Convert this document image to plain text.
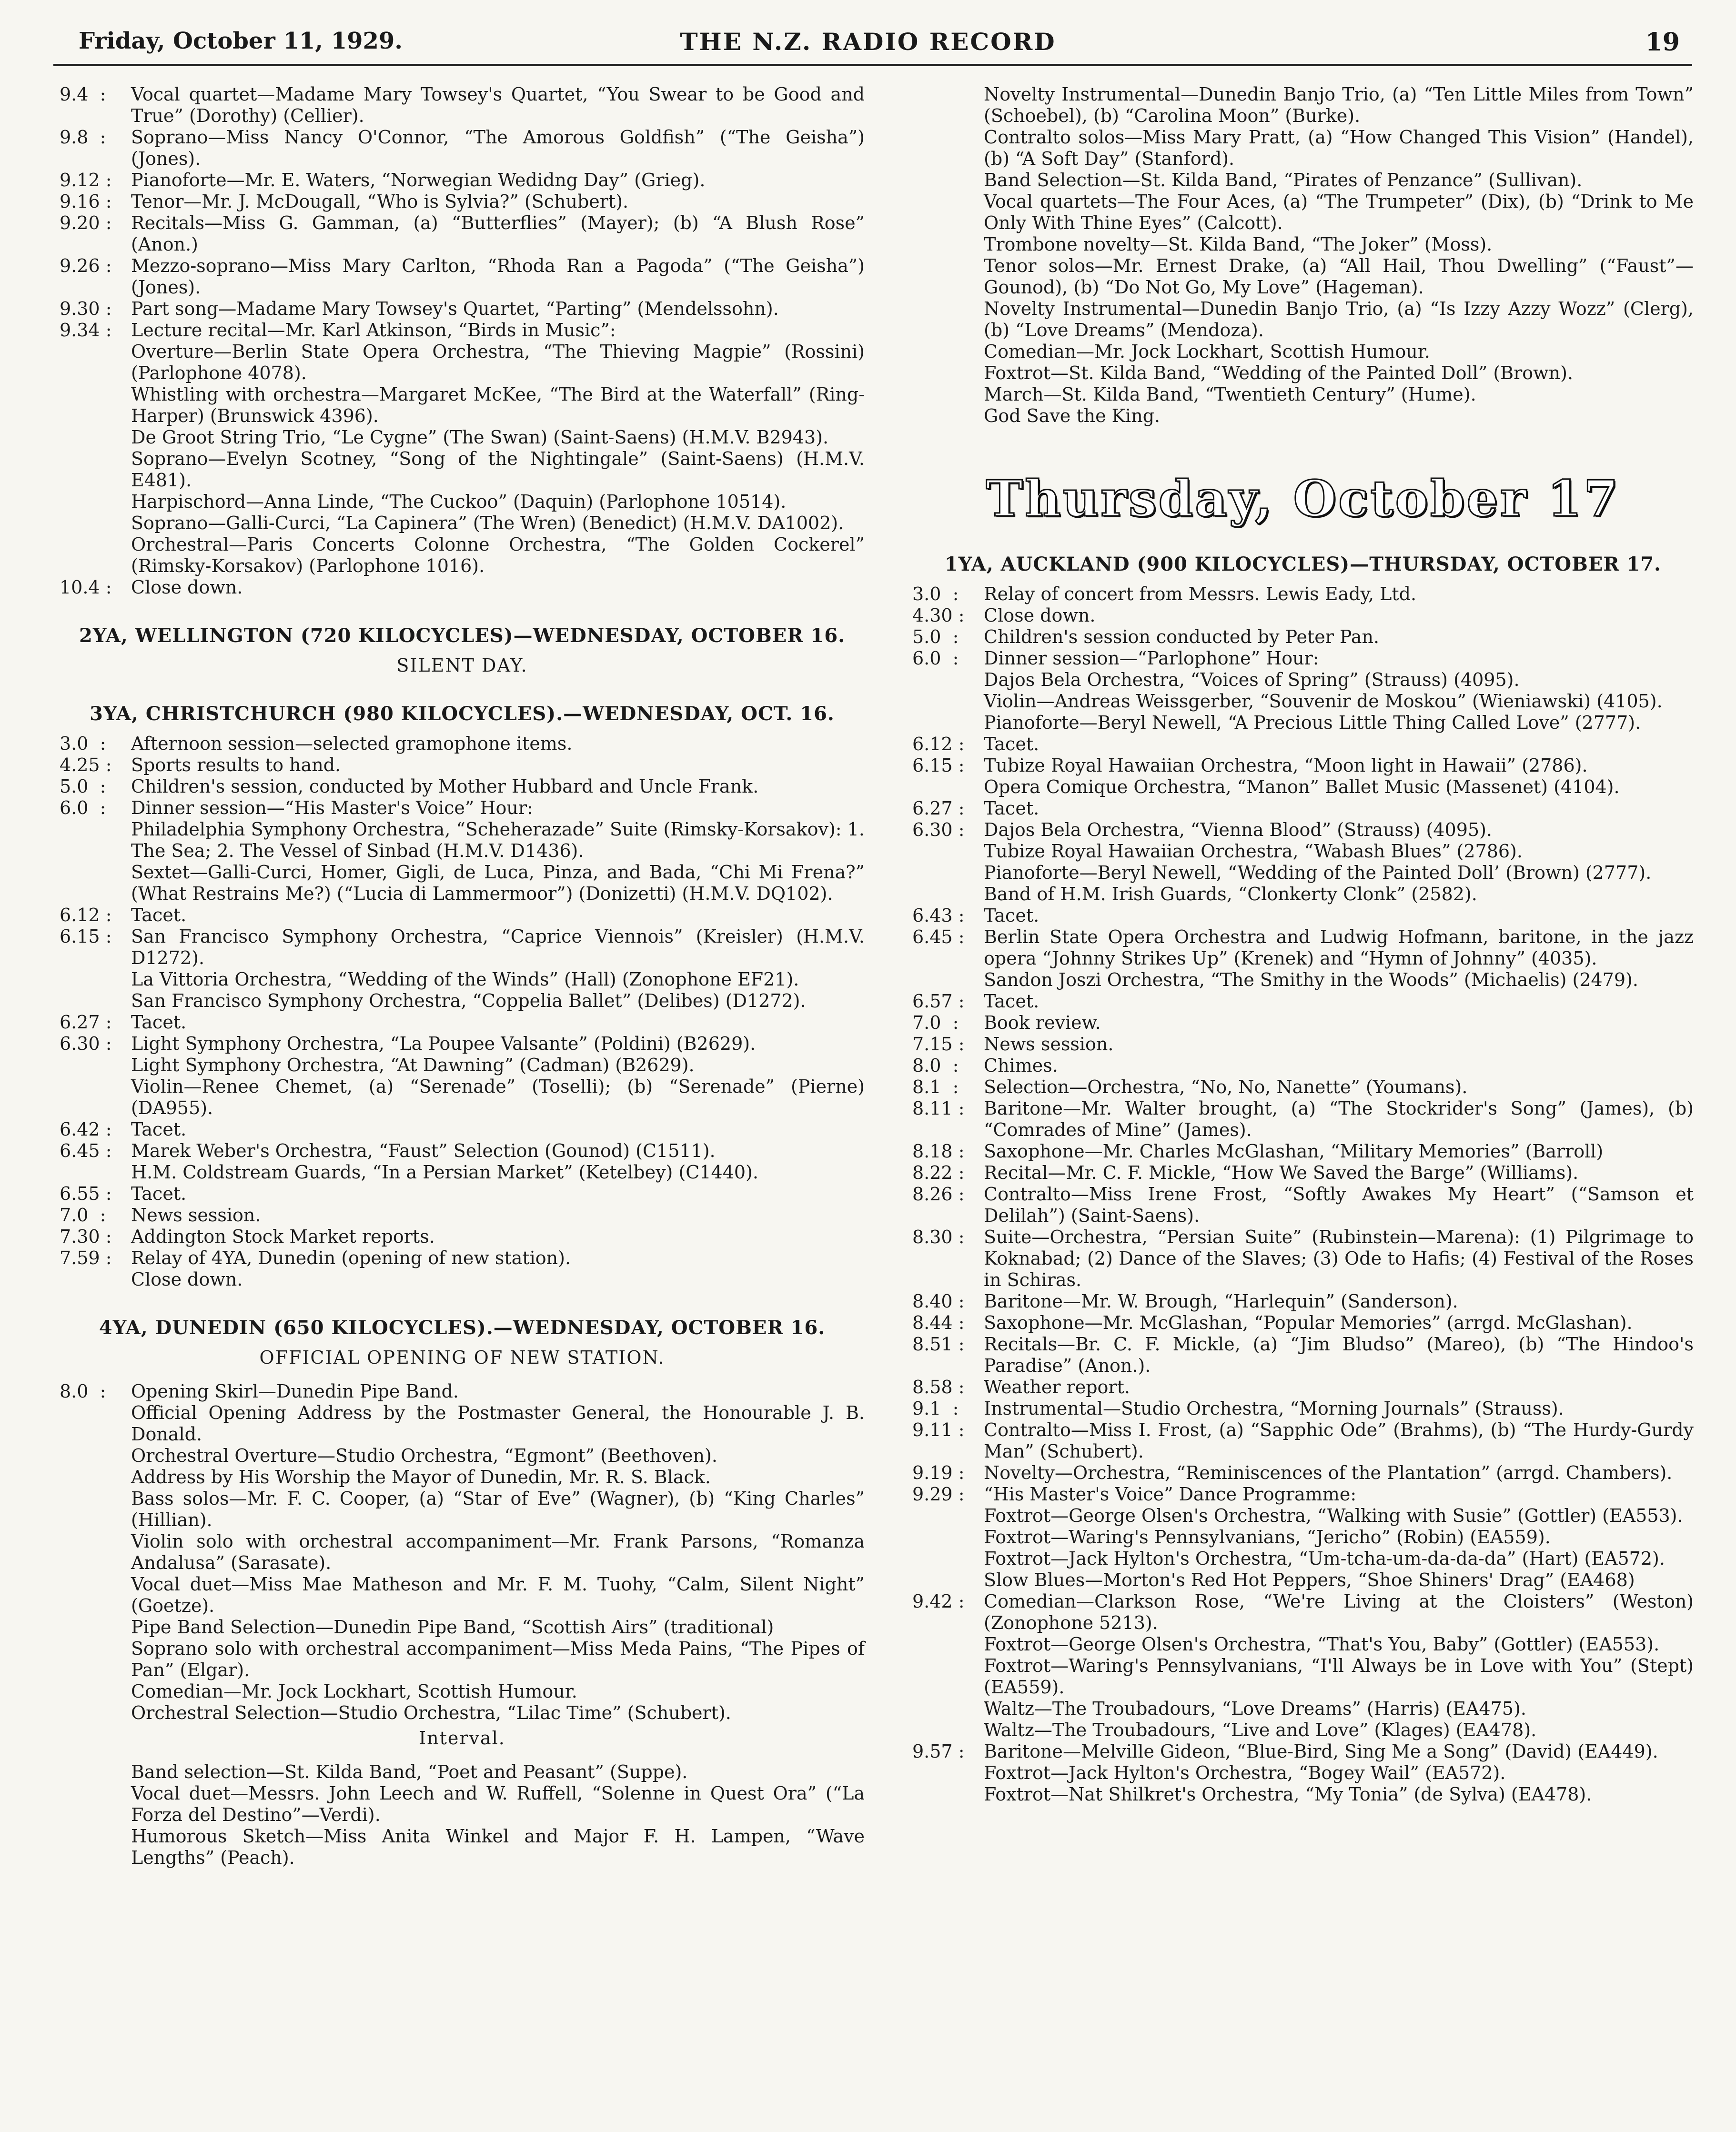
Friday, October 11, 1929.	THE N.Z. RADIO RECORD	19
9.4  :	Vocal quartet—Madame Mary Towsey's Quartet, “You Swear to be Good and True” (Dorothy) (Cellier).
9.8  :	Soprano—Miss Nancy O'Connor, “The Amorous Goldfish” (“The Geisha”) (Jones).
9.12 : Pianoforte—Mr. E. Waters, “Norwegian Wedidng Day” (Grieg).
9.16 : Tenor—Mr. J. McDougall, “Who is Sylvia?” (Schubert).
9.20 : Recitals—Miss G. Gamman, (a) “Butterflies” (Mayer); (b) “A Blush Rose” (Anon.)
9.26 : Mezzo-soprano—Miss Mary Carlton, “Rhoda Ran a Pagoda” (“The Geisha”) (Jones).
9.30 : Part song—Madame Mary Towsey's Quartet, “Parting” (Mendelssohn).
9.34 : Lecture recital—Mr. Karl Atkinson, “Birds in Music”:
Overture—Berlin State Opera Orchestra, “The Thieving Magpie” (Rossini) (Parlophone 4078).
Whistling with orchestra—Margaret McKee, “The Bird at the Waterfall” (Ring-Harper) (Brunswick 4396).
De Groot String Trio, “Le Cygne” (The Swan) (Saint-Saens) (H.M.V. B2943).
Soprano—Evelyn Scotney, “Song of the Nightingale” (Saint-Saens) (H.M.V. E481).
Harpischord—Anna Linde, “The Cuckoo” (Daquin) (Parlophone 10514).
Soprano—Galli-Curci, “La Capinera” (The Wren) (Benedict) (H.M.V. DA1002).
Orchestral—Paris Concerts Colonne Orchestra, “The Golden Cockerel” (Rimsky-Korsakov) (Parlophone 1016).
10.4 : Close down.
2YA, WELLINGTON (720 KILOCYCLES)—WEDNESDAY, OCTOBER 16.
SILENT DAY.
3YA, CHRISTCHURCH (980 KILOCYCLES).—WEDNESDAY, OCT. 16.
3.0  :	Afternoon session—selected gramophone items.
4.25 : Sports results to hand.
5.0  :	Children's session, conducted by Mother Hubbard and Uncle Frank.
6.0  :	Dinner session—“His Master's Voice” Hour:
Philadelphia Symphony Orchestra, “Scheherazade” Suite (Rimsky-Korsakov): 1. The Sea; 2. The Vessel of Sinbad (H.M.V. D1436).
Sextet—Galli-Curci, Homer, Gigli, de Luca, Pinza, and Bada, “Chi Mi Frena?” (What Restrains Me?) (“Lucia di Lammermoor”) (Donizetti) (H.M.V. DQ102).
6.12 : Tacet.
6.15 : San Francisco Symphony Orchestra, “Caprice Viennois” (Kreisler) (H.M.V. D1272).
La Vittoria Orchestra, “Wedding of the Winds” (Hall) (Zonophone EF21).
San Francisco Symphony Orchestra, “Coppelia Ballet” (Delibes) (D1272).
6.27 : Tacet.
6.30 : Light Symphony Orchestra, “La Poupee Valsante” (Poldini) (B2629).
Light Symphony Orchestra, “At Dawning” (Cadman) (B2629).
Violin—Renee Chemet, (a) “Serenade” (Toselli); (b) “Serenade” (Pierne) (DA955).
6.42 : Tacet.
6.45 : Marek Weber's Orchestra, “Faust” Selection (Gounod) (C1511).
H.M. Coldstream Guards, “In a Persian Market” (Ketelbey) (C1440).
6.55 : Tacet.
7.0  :	News session.
7.30 : Addington Stock Market reports.
7.59 : Relay of 4YA, Dunedin (opening of new station).
Close down.
4YA, DUNEDIN (650 KILOCYCLES).—WEDNESDAY, OCTOBER 16.
OFFICIAL OPENING OF NEW STATION.
8.0  :	Opening Skirl—Dunedin Pipe Band.
Official Opening Address by the Postmaster General, the Honourable J. B. Donald.
Orchestral Overture—Studio Orchestra, “Egmont” (Beethoven).
Address by His Worship the Mayor of Dunedin, Mr. R. S. Black.
Bass solos—Mr. F. C. Cooper, (a) “Star of Eve” (Wagner), (b) “King Charles” (Hillian).
Violin solo with orchestral accompaniment—Mr. Frank Parsons, “Romanza Andalusa” (Sarasate).
Vocal duet—Miss Mae Matheson and Mr. F. M. Tuohy, “Calm, Silent Night” (Goetze).
Pipe Band Selection—Dunedin Pipe Band, “Scottish Airs” (traditional)
Soprano solo with orchestral accompaniment—Miss Meda Pains, “The Pipes of Pan” (Elgar).
Comedian—Mr. Jock Lockhart, Scottish Humour.
Orchestral Selection—Studio Orchestra, “Lilac Time” (Schubert).
Interval.
Band selection—St. Kilda Band, “Poet and Peasant” (Suppe).
Vocal duet—Messrs. John Leech and W. Ruffell, “Solenne in Quest Ora” (“La Forza del Destino”—Verdi).
Humorous Sketch—Miss Anita Winkel and Major F. H. Lampen, “Wave Lengths” (Peach).
Novelty Instrumental—Dunedin Banjo Trio, (a) “Ten Little Miles from Town” (Schoebel), (b) “Carolina Moon” (Burke).
Contralto solos—Miss Mary Pratt, (a) “How Changed This Vision” (Handel), (b) “A Soft Day” (Stanford).
Band Selection—St. Kilda Band, “Pirates of Penzance” (Sullivan).
Vocal quartets—The Four Aces, (a) “The Trumpeter” (Dix), (b) “Drink to Me Only With Thine Eyes” (Calcott).
Trombone novelty—St. Kilda Band, “The Joker” (Moss).
Tenor solos—Mr. Ernest Drake, (a) “All Hail, Thou Dwelling” (“Faust”—Gounod), (b) “Do Not Go, My Love” (Hageman).
Novelty Instrumental—Dunedin Banjo Trio, (a) “Is Izzy Azzy Wozz” (Clerg), (b) “Love Dreams” (Mendoza).
Comedian—Mr. Jock Lockhart, Scottish Humour.
Foxtrot—St. Kilda Band, “Wedding of the Painted Doll” (Brown).
March—St. Kilda Band, “Twentieth Century” (Hume).
God Save the King.
Thursday, October 17
1YA, AUCKLAND (900 KILOCYCLES)—THURSDAY, OCTOBER 17.
3.0  :	Relay of concert from Messrs. Lewis Eady, Ltd.
4.30 : Close down.
5.0  :	Children's session conducted by Peter Pan.
6.0  :	Dinner session—“Parlophone” Hour:
Dajos Bela Orchestra, “Voices of Spring” (Strauss) (4095).
Violin—Andreas Weissgerber, “Souvenir de Moskou” (Wieniawski) (4105).
Pianoforte—Beryl Newell, “A Precious Little Thing Called Love” (2777).
6.12 : Tacet.
6.15 : Tubize Royal Hawaiian Orchestra, “Moon light in Hawaii” (2786).
Opera Comique Orchestra, “Manon” Ballet Music (Massenet) (4104).
6.27 : Tacet.
6.30 : Dajos Bela Orchestra, “Vienna Blood” (Strauss) (4095).
Tubize Royal Hawaiian Orchestra, “Wabash Blues” (2786).
Pianoforte—Beryl Newell, “Wedding of the Painted Doll’ (Brown) (2777).
Band of H.M. Irish Guards, “Clonkerty Clonk” (2582).
6.43 : Tacet.
6.45 : Berlin State Opera Orchestra and Ludwig Hofmann, baritone, in the jazz opera “Johnny Strikes Up” (Krenek) and “Hymn of Johnny” (4035).
Sandon Joszi Orchestra, “The Smithy in the Woods” (Michaelis) (2479).
6.57 : Tacet.
7.0  :	Book review.
7.15 : News session.
8.0  :	Chimes.
8.1  :	Selection—Orchestra, “No, No, Nanette” (Youmans).
8.11 : Baritone—Mr. Walter brought, (a) “The Stockrider's Song” (James), (b) “Comrades of Mine” (James).
8.18 : Saxophone—Mr. Charles McGlashan, “Military Memories” (Barroll)
8.22 : Recital—Mr. C. F. Mickle, “How We Saved the Barge” (Williams).
8.26 : Contralto—Miss Irene Frost, “Softly Awakes My Heart” (“Samson et Delilah”) (Saint-Saens).
8.30 : Suite—Orchestra, “Persian Suite” (Rubinstein—Marena): (1) Pilgrimage to Koknabad; (2) Dance of the Slaves; (3) Ode to Hafis; (4) Festival of the Roses in Schiras.
8.40 : Baritone—Mr. W. Brough, “Harlequin” (Sanderson).
8.44 : Saxophone—Mr. McGlashan, “Popular Memories” (arrgd. McGlashan).
8.51 : Recitals—Br. C. F. Mickle, (a) “Jim Bludso” (Mareo), (b) “The Hindoo's Paradise” (Anon.).
8.58 : Weather report.
9.1  :	Instrumental—Studio Orchestra, “Morning Journals” (Strauss).
9.11 : Contralto—Miss I. Frost, (a) “Sapphic Ode” (Brahms), (b) “The Hurdy-Gurdy Man” (Schubert).
9.19 : Novelty—Orchestra, “Reminiscences of the Plantation” (arrgd. Chambers).
9.29 : “His Master's Voice” Dance Programme:
Foxtrot—George Olsen's Orchestra, “Walking with Susie” (Gottler) (EA553).
Foxtrot—Waring's Pennsylvanians, “Jericho” (Robin) (EA559).
Foxtrot—Jack Hylton's Orchestra, “Um-tcha-um-da-da-da” (Hart) (EA572).
Slow Blues—Morton's Red Hot Peppers, “Shoe Shiners' Drag” (EA468)
9.42 : Comedian—Clarkson Rose, “We're Living at the Cloisters” (Weston) (Zonophone 5213).
Foxtrot—George Olsen's Orchestra, “That's You, Baby” (Gottler) (EA553).
Foxtrot—Waring's Pennsylvanians, “I'll Always be in Love with You” (Stept) (EA559).
Waltz—The Troubadours, “Love Dreams” (Harris) (EA475).
Waltz—The Troubadours, “Live and Love” (Klages) (EA478).
9.57 : Baritone—Melville Gideon, “Blue-Bird, Sing Me a Song” (David) (EA449).
Foxtrot—Jack Hylton's Orchestra, “Bogey Wail” (EA572).
Foxtrot—Nat Shilkret's Orchestra, “My Tonia” (de Sylva) (EA478).
